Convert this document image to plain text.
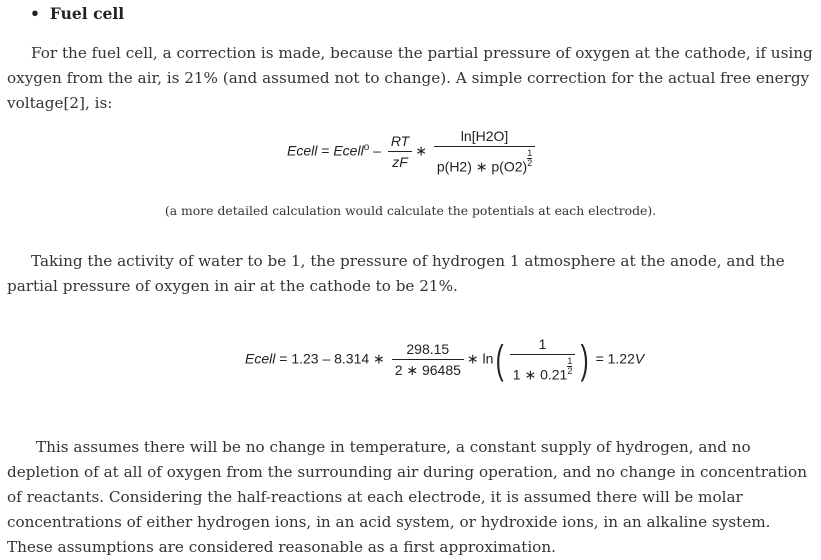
• Fuel cell
For the fuel cell, a correction is made, because the partial pressure of oxygen at the cathode, if using oxygen from the air, is 21% (and assumed not to change). A simple correction for the actual free energy voltage[2], is:
Ecell = Ecell$^o$ – $\frac{RT}{zF}$ ∗ $\frac{\ln[H2O]}{p(H2) ∗ p(O2) \frac{1}{2}}$
(a more detailed calculation would calculate the potentials at each electrode).
Taking the activity of water to be 1, the pressure of hydrogen 1 atmosphere at the anode, and the partial pressure of oxygen in air at the cathode to be 21%.
Ecell = 1.23 – 8.314 ∗ $\frac{298.15}{2 ∗ 96485}$ ∗ $\ln( \frac{1}{1 ∗ 0.21 \frac{1}{2}}$ ) = 1.22V
This assumes there will be no change in temperature, a constant supply of hydrogen, and no depletion of at all of oxygen from the surrounding air during operation, and no change in concentration of reactants. Considering the half-reactions at each electrode, it is assumed there will be molar concentrations of either hydrogen ions, in an acid system, or hydroxide ions, in an alkaline system. These assumptions are considered reasonable as a first approximation.
